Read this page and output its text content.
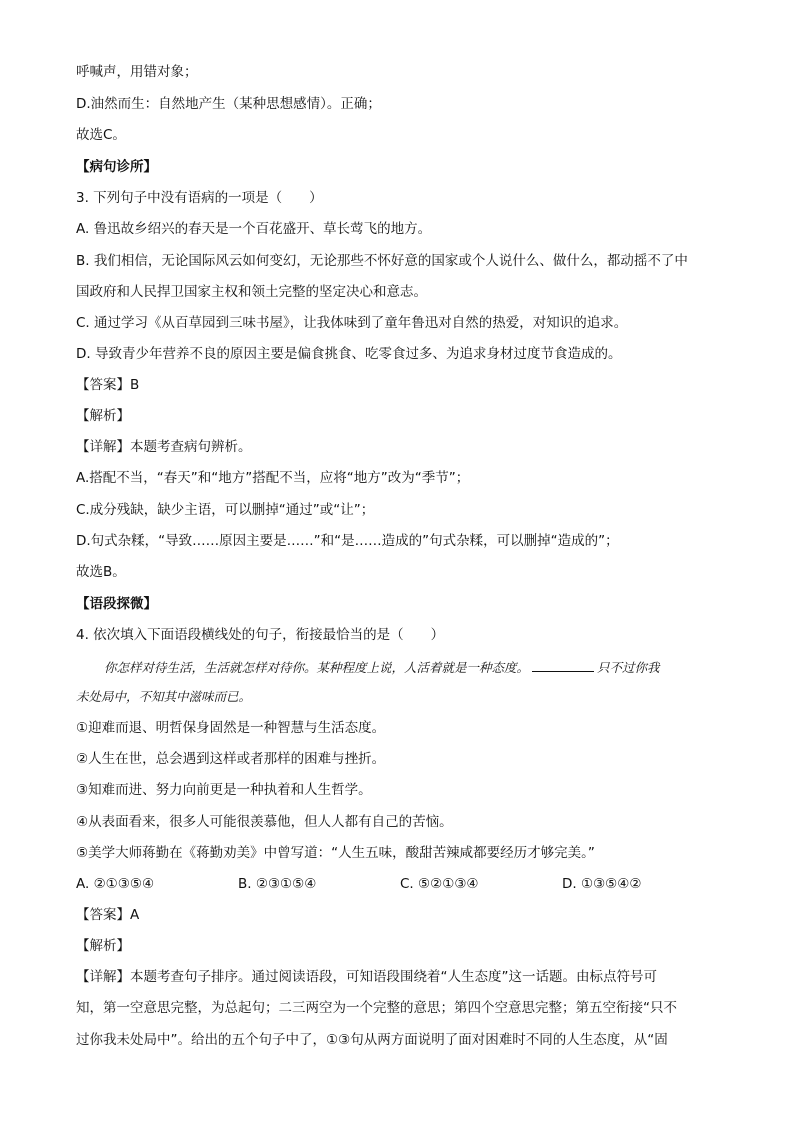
呼喊声，用错对象；
D.油然而生：自然地产生（某种思想感情）。正确；
故选C。
【病句诊所】
3. 下列句子中没有语病的一项是（　　）
A. 鲁迅故乡绍兴的春天是一个百花盛开、草长莺飞的地方。
B. 我们相信，无论国际风云如何变幻，无论那些不怀好意的国家或个人说什么、做什么，都动摇不了中
国政府和人民捍卫国家主权和领土完整的坚定决心和意志。
C. 通过学习《从百草园到三味书屋》，让我体味到了童年鲁迅对自然的热爱，对知识的追求。
D. 导致青少年营养不良的原因主要是偏食挑食、吃零食过多、为追求身材过度节食造成的。
【答案】B
【解析】
【详解】本题考查病句辨析。
A.搭配不当，“春天”和“地方”搭配不当，应将“地方”改为“季节”；
C.成分残缺，缺少主语，可以删掉“通过”或“让”；
D.句式杂糅，“导致……原因主要是……”和“是……造成的”句式杂糅，可以删掉“造成的”；
故选B。
【语段探微】
4. 依次填入下面语段横线处的句子，衔接最恰当的是（　　）
你怎样对待生活，生活就怎样对待你。某种程度上说，人活着就是一种态度。	只不过你我
未处局中，不知其中滋味而已。
①迎难而退、明哲保身固然是一种智慧与生活态度。
②人生在世，总会遇到这样或者那样的困难与挫折。
③知难而进、努力向前更是一种执着和人生哲学。
④从表面看来，很多人可能很羡慕他，但人人都有自己的苦恼。
⑤美学大师蒋勤在《蒋勤劝美》中曾写道：“人生五味，酸甜苦辣咸都要经历才够完美。”
A. ②①③⑤④	B. ②③①⑤④	C. ⑤②①③④	D. ①③⑤④②
【答案】A
【解析】
【详解】本题考查句子排序。通过阅读语段，可知语段围绕着“人生态度”这一话题。由标点符号可
知，第一空意思完整，为总起句；二三两空为一个完整的意思；第四个空意思完整；第五空衔接“只不
过你我未处局中”。给出的五个句子中了，①③句从两方面说明了面对困难时不同的人生态度，从“固
